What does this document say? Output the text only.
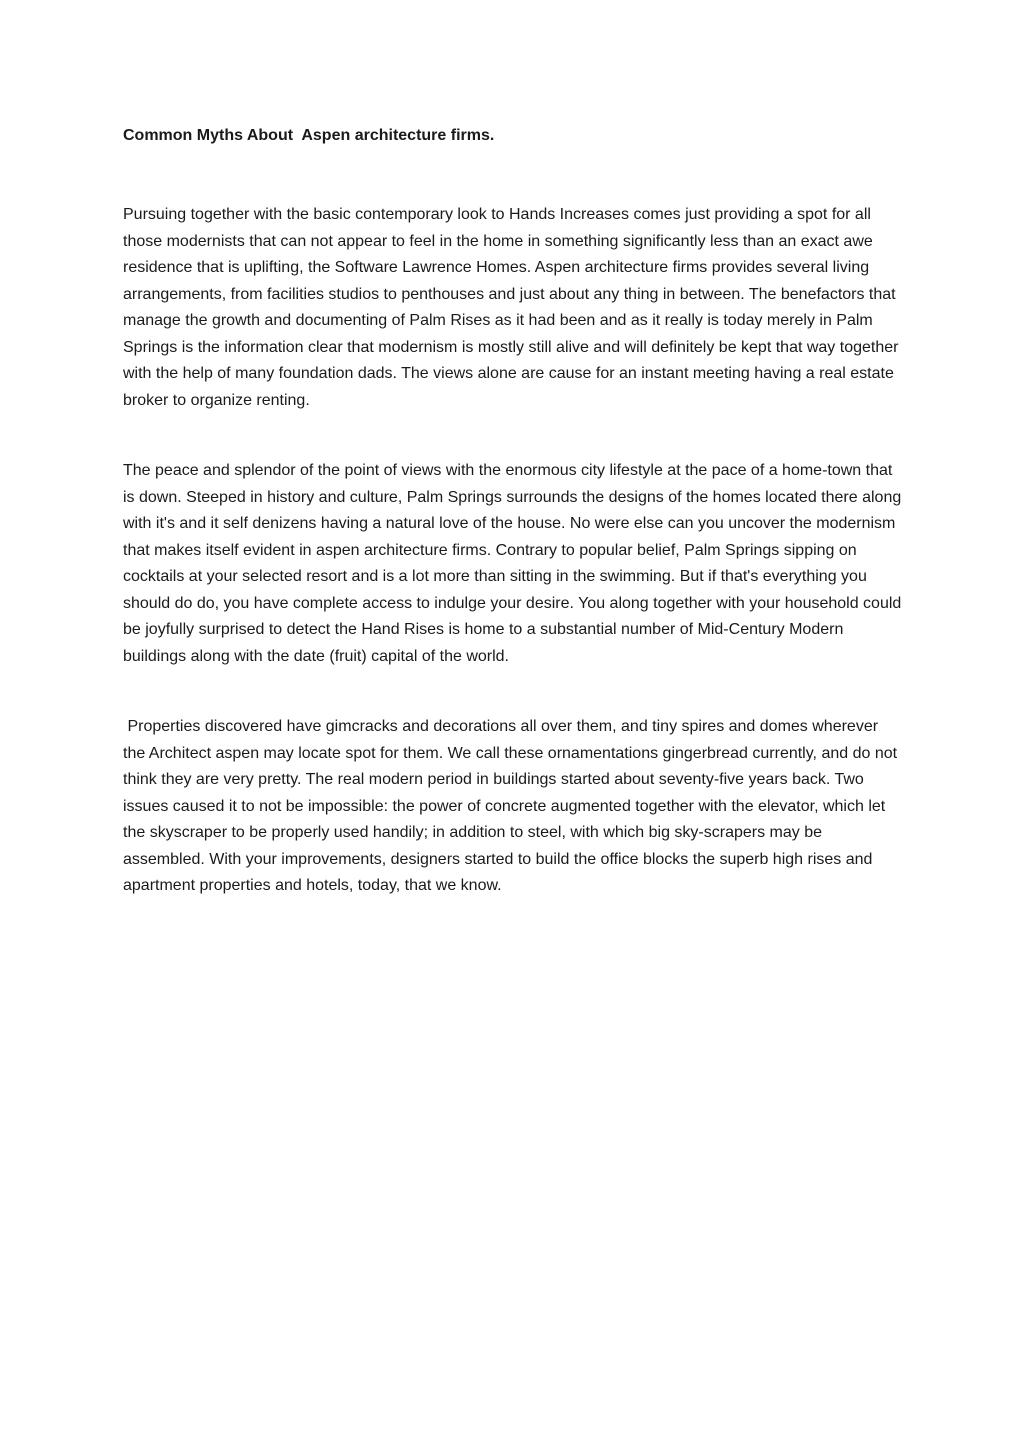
Common Myths About  Aspen architecture firms.

Pursuing together with the basic contemporary look to Hands Increases comes just providing a spot for all those modernists that can not appear to feel in the home in something significantly less than an exact awe residence that is uplifting, the Software Lawrence Homes. Aspen architecture firms provides several living arrangements, from facilities studios to penthouses and just about any thing in between. The benefactors that manage the growth and documenting of Palm Rises as it had been and as it really is today merely in Palm Springs is the information clear that modernism is mostly still alive and will definitely be kept that way together with the help of many foundation dads. The views alone are cause for an instant meeting having a real estate broker to organize renting.

The peace and splendor of the point of views with the enormous city lifestyle at the pace of a home-town that is down. Steeped in history and culture, Palm Springs surrounds the designs of the homes located there along with it's and it self denizens having a natural love of the house. No were else can you uncover the modernism that makes itself evident in aspen architecture firms. Contrary to popular belief, Palm Springs sipping on cocktails at your selected resort and is a lot more than sitting in the swimming. But if that's everything you should do do, you have complete access to indulge your desire. You along together with your household could be joyfully surprised to detect the Hand Rises is home to a substantial number of Mid-Century Modern buildings along with the date (fruit) capital of the world.

Properties discovered have gimcracks and decorations all over them, and tiny spires and domes wherever the Architect aspen may locate spot for them. We call these ornamentations gingerbread currently, and do not think they are very pretty. The real modern period in buildings started about seventy-five years back. Two issues caused it to not be impossible: the power of concrete augmented together with the elevator, which let the skyscraper to be properly used handily; in addition to steel, with which big sky-scrapers may be assembled. With your improvements, designers started to build the office blocks the superb high rises and apartment properties and hotels, today, that we know.
